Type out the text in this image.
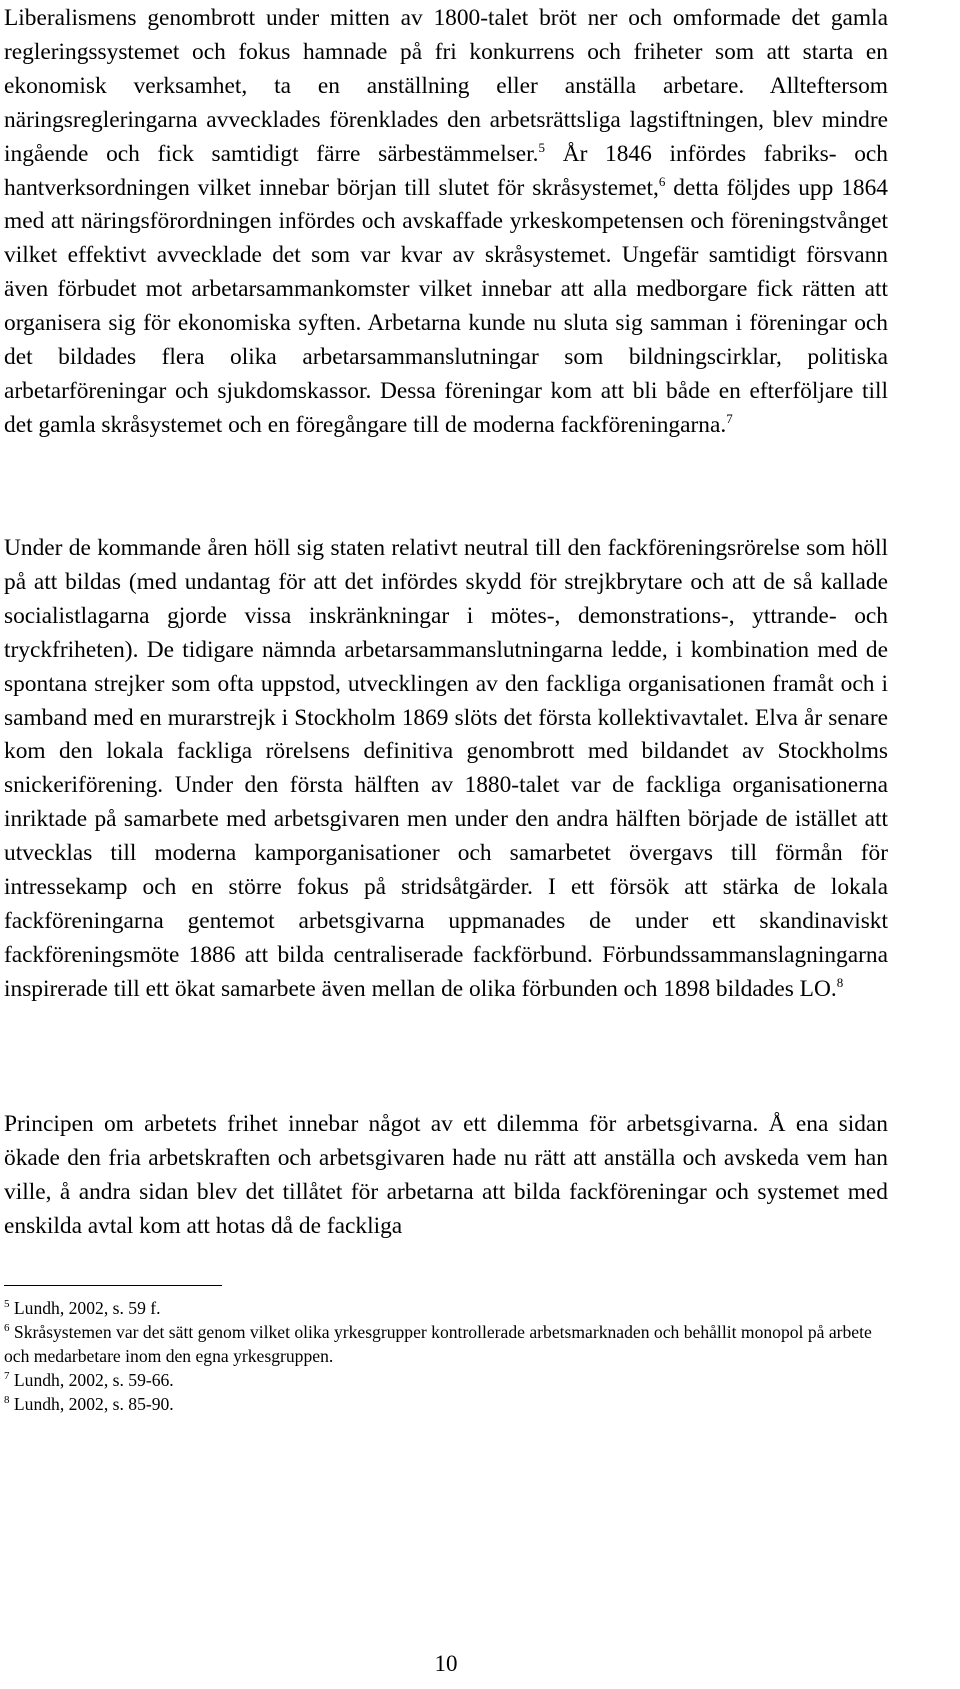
Liberalismens genombrott under mitten av 1800-talet bröt ner och omformade det gamla regleringssystemet och fokus hamnade på fri konkurrens och friheter som att starta en ekonomisk verksamhet, ta en anställning eller anställa arbetare. Allteftersom näringsregleringarna avvecklades förenklades den arbetsrättsliga lagstiftningen, blev mindre ingående och fick samtidigt färre särbestämmelser.$^5$ År 1846 infördes fabriks- och hantverksordningen vilket innebar början till slutet för skråsystemet,$^6$ detta följdes upp 1864 med att näringsförordningen infördes och avskaffade yrkeskompetensen och föreningstvånget vilket effektivt avvecklade det som var kvar av skråsystemet. Ungefär samtidigt försvann även förbudet mot arbetarsammankomster vilket innebar att alla medborgare fick rätten att organisera sig för ekonomiska syften. Arbetarna kunde nu sluta sig samman i föreningar och det bildades flera olika arbetarsammanslutningar som bildningscirklar, politiska arbetarföreningar och sjukdomskassor. Dessa föreningar kom att bli både en efterföljare till det gamla skråsystemet och en föregångare till de moderna fackföreningarna.$^7$

Under de kommande åren höll sig staten relativt neutral till den fackföreningsrörelse som höll på att bildas (med undantag för att det infördes skydd för strejkbrytare och att de så kallade socialistlagarna gjorde vissa inskränkningar i mötes-, demonstrations-, yttrande- och tryckfriheten). De tidigare nämnda arbetarsammanslutningarna ledde, i kombination med de spontana strejker som ofta uppstod, utvecklingen av den fackliga organisationen framåt och i samband med en murarstrejk i Stockholm 1869 slöts det första kollektivavtalet. Elva år senare kom den lokala fackliga rörelsens definitiva genombrott med bildandet av Stockholms snickeriförening. Under den första hälften av 1880-talet var de fackliga organisationerna inriktade på samarbete med arbetsgivaren men under den andra hälften började de istället att utvecklas till moderna kamporganisationer och samarbetet övergavs till förmån för intressekamp och en större fokus på stridsåtgärder. I ett försök att stärka de lokala fackföreningarna gentemot arbetsgivarna uppmanades de under ett skandinaviskt fackföreningsmöte 1886 att bilda centraliserade fackförbund. Förbundssammanslagningarna inspirerade till ett ökat samarbete även mellan de olika förbunden och 1898 bildades LO.$^8$

Principen om arbetets frihet innebar något av ett dilemma för arbetsgivarna. Å ena sidan ökade den fria arbetskraften och arbetsgivaren hade nu rätt att anställa och avskeda vem han ville, å andra sidan blev det tillåtet för arbetarna att bilda fackföreningar och systemet med enskilda avtal kom att hotas då de fackliga

$^5$ Lundh, 2002, s. 59 f.

$^6$ Skråsystemen var det sätt genom vilket olika yrkesgrupper kontrollerade arbetsmarknaden och behållit monopol på arbete och medarbetare inom den egna yrkesgruppen.

$^7$ Lundh, 2002, s. 59-66.

$^8$ Lundh, 2002, s. 85-90.

10
